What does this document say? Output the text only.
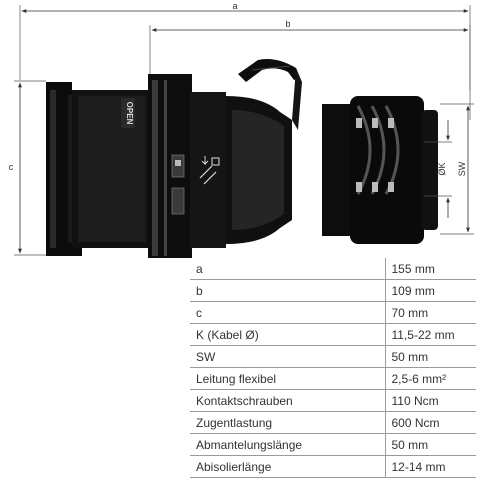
a
b
c
OPEN
ØK SW
a	155 mm
b	109 mm
c	70 mm
K (Kabel Ø)	11,5-22 mm
SW	50 mm
Leitung flexibel	2,5-6 mm²
Kontaktschrauben	110 Ncm
Zugentlastung	600 Ncm
Abmantelungslänge	50 mm
Abisolierlänge	12-14 mm
